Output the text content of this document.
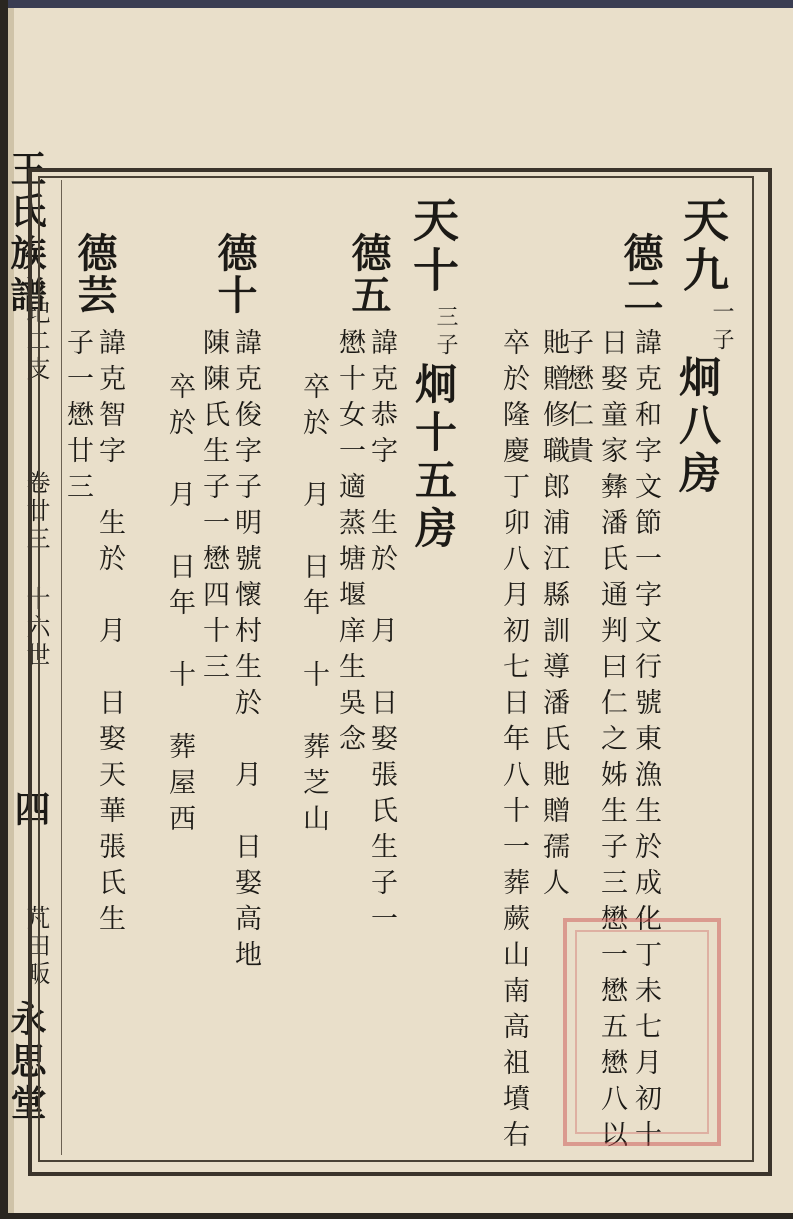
王氏族譜
玘二支
卷廿三 十六世
四
芃田畈
永思堂
天九
一子
炯八房
德二
諱克和字文節一字文行號東漁生於成化丁未七月初十
日娶童家彝潘氏通判曰仁之姊生子三懋一懋五懋八以
子懋仁貴
貤贈修職郎浦江縣訓導潘氏貤贈孺人
卒於隆慶丁卯八月初七日年八十一葬蕨山南高祖墳右
天十
三子
炯十五房
德五
諱克恭字　生於　月　日娶張氏生子一
懋十女一適蒸塘堰庠生吳念
卒於　月　日年　十　葬芝山
德十
諱克俊字子明號懷村生於　月　日娶高地
陳陳氏生子一懋四十三
卒於　月　日年　十　葬屋西
德芸
諱克智字　生於　月　日娶天華張氏生
子一懋廿三
